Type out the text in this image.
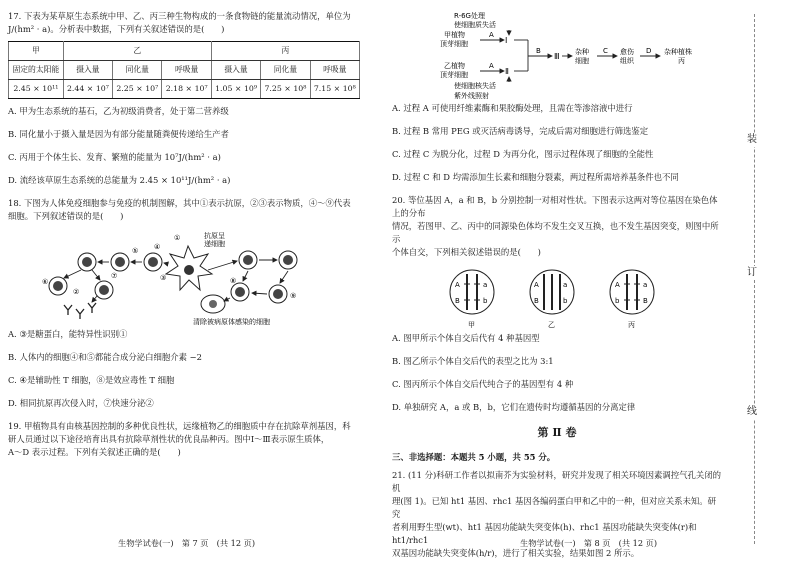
17. 下表为某草原生态系统中甲、乙、丙三种生物构成的一条食物链的能量流动情况，单位为
J/(hm² · a)。分析表中数据，下列有关叙述错误的是(　　)

甲	乙			丙		
固定的太阳能	摄入量	同化量	呼吸量	摄入量	同化量	呼吸量
2.45 × 10¹¹	2.44 × 10⁷	2.25 × 10⁷	2.18 × 10⁷	1.05 × 10⁹	7.25 × 10⁸	7.15 × 10⁸

A. 甲为生态系统的基石，乙为初级消费者，处于第二营养级

B. 同化量小于摄入量是因为有部分能量随粪便传递给生产者

C. 丙用于个体生长、发育、繁殖的能量为 10⁷J/(hm² · a)

D. 流经该草原生态系统的总能量为 2.45 × 10¹¹J/(hm² · a)

18. 下图为人体免疫细胞参与免疫的机制图解，其中①表示抗原，②③表示物质，④～⑨代表
细胞。下列叙述错误的是(　　)

抗原呈
递细胞
④
⑤
⑥
⑦
②
③
①
⑨
⑧
清除被病原体感染的细胞

A. ③是糖蛋白，能特异性识别①

B. 人体内的细胞④和⑤都能合成分泌白细胞介素 −2

C. ④是辅助性 T 细胞，⑧是效应毒性 T 细胞

D. 相同抗原再次侵入时，⑦快速分泌②

19. 甲植物具有由核基因控制的多种优良性状，远缘植物乙的细胞质中存在抗除草剂基因，科
研人员通过以下途径培育出具有抗除草剂性状的优良品种丙。图中Ⅰ～Ⅲ表示原生质体，
A～D 表示过程。下列有关叙述正确的是(　　)

R-6G处理
使细胞质失活
甲植物
顶芽细胞
乙植物
顶芽细胞
使细胞核失活
紫外线照射
A
A
Ⅰ
Ⅱ
B
Ⅲ 杂种
细胞
C 愈伤
组织
D 杂种植株
丙

A. 过程 A 可使用纤维素酶和果胶酶处理，且需在等渗溶液中进行

B. 过程 B 常用 PEG 或灭活病毒诱导，完成后需对细胞进行筛选鉴定

C. 过程 C 为脱分化，过程 D 为再分化，图示过程体现了细胞的全能性

D. 过程 C 和 D 均需添加生长素和细胞分裂素，两过程所需培养基条件也不同

20. 等位基因 A，a 和 B，b 分别控制一对相对性状。下图表示这两对等位基因在染色体上的分布
情况，若图甲、乙、丙中的同源染色体均不发生交叉互换，也不发生基因突变，则图中所示
个体自交，下列相关叙述错误的是(　　)

A	a
B	b
甲
A	a
B	b
乙
A	a
b	B
丙

A. 图甲所示个体自交后代有 4 种基因型

B. 图乙所示个体自交后代的表型之比为 3:1

C. 图丙所示个体自交后代纯合子的基因型有 4 种

D. 单独研究 A，a 或 B，b，它们在遗传时均遵循基因的分离定律

第 Ⅱ 卷

三、非选择题：本题共 5 小题，共 55 分。

21. (11 分)科研工作者以拟南芥为实验材料，研究并发现了相关环境因素调控气孔关闭的机
理(图 1)。已知 ht1 基因、rhc1 基因各编码蛋白甲和乙中的一种，但对应关系未知。研究
者利用野生型(wt)、ht1 基因功能缺失突变体(h)、rhc1 基因功能缺失突变体(r)和ht1/rhc1
双基因功能缺失突变体(h/r)，进行了相关实验，结果如图 2 所示。

装
订
线
生物学试卷(一)　第 7 页　(共 12 页)	生物学试卷(一)　第 8 页　(共 12 页)
